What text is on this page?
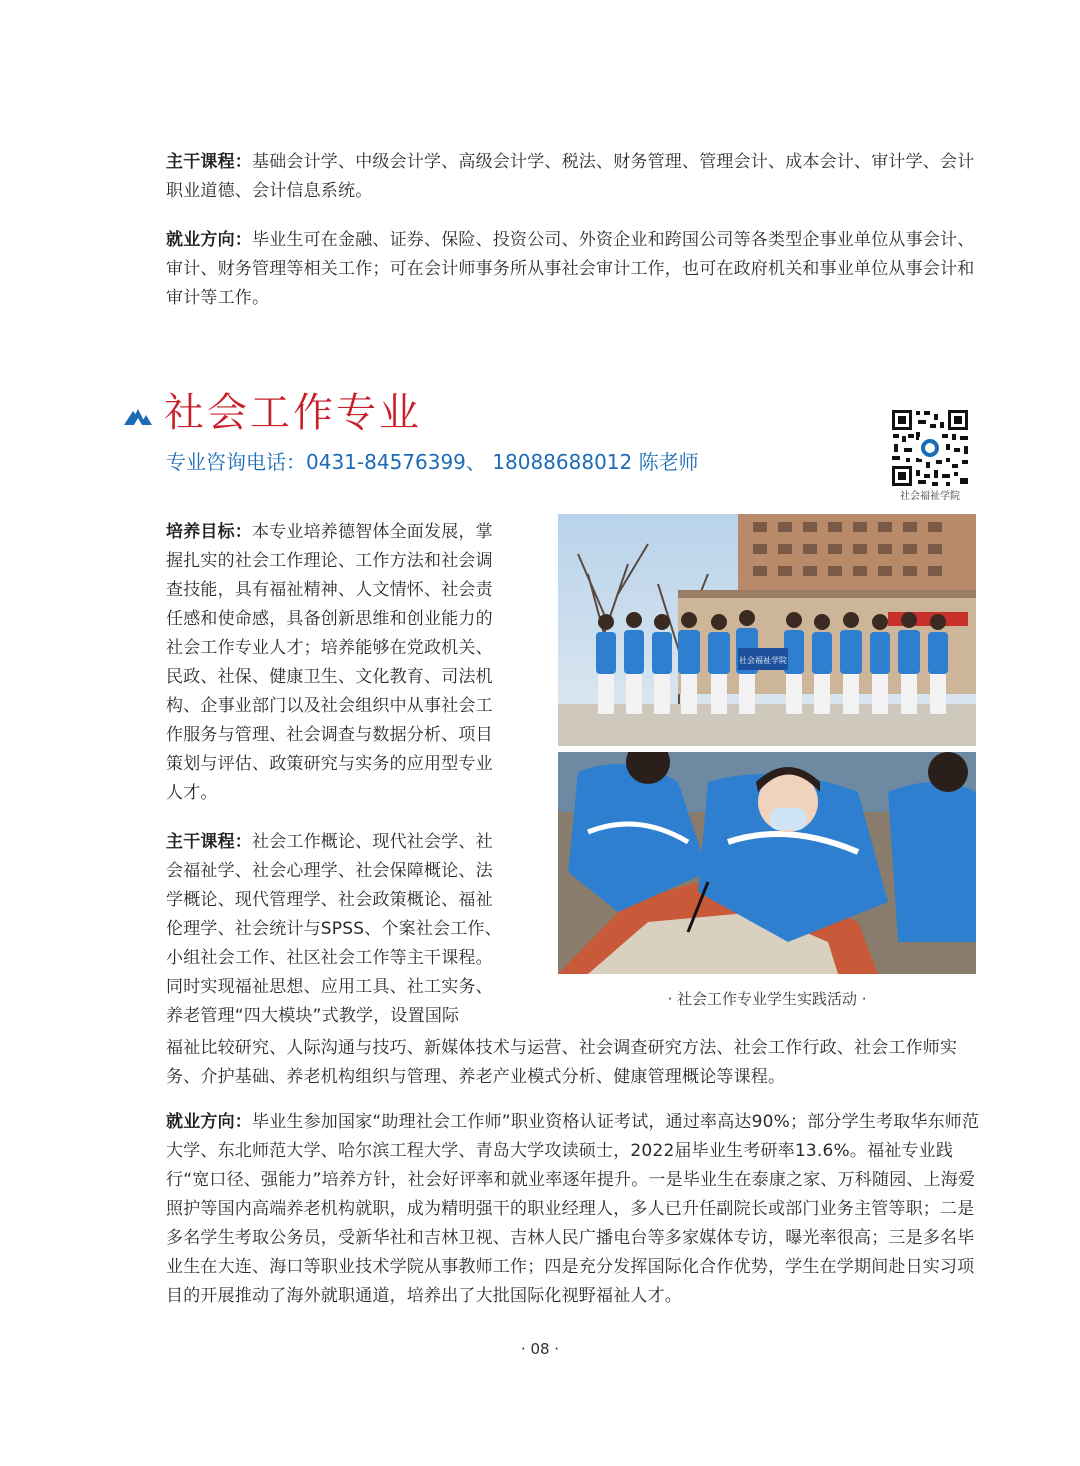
主干课程：基础会计学、中级会计学、高级会计学、税法、财务管理、管理会计、成本会计、审计学、会计职业道德、会计信息系统。
就业方向：毕业生可在金融、证券、保险、投资公司、外资企业和跨国公司等各类型企事业单位从事会计、审计、财务管理等相关工作；可在会计师事务所从事社会审计工作，也可在政府机关和事业单位从事会计和审计等工作。
社会工作专业
专业咨询电话：0431-84576399、 18088688012 陈老师
社会福祉学院
培养目标：本专业培养德智体全面发展，掌握扎实的社会工作理论、工作方法和社会调查技能，具有福祉精神、人文情怀、社会责任感和使命感，具备创新思维和创业能力的社会工作专业人才；培养能够在党政机关、民政、社保、健康卫生、文化教育、司法机构、企事业部门以及社会组织中从事社会工作服务与管理、社会调查与数据分析、项目策划与评估、政策研究与实务的应用型专业人才。
主干课程：社会工作概论、现代社会学、社会福祉学、社会心理学、社会保障概论、法学概论、现代管理学、社会政策概论、福祉伦理学、社会统计与SPSS、个案社会工作、小组社会工作、社区社会工作等主干课程。同时实现福祉思想、应用工具、社工实务、养老管理“四大模块”式教学，设置国际
福祉比较研究、人际沟通与技巧、新媒体技术与运营、社会调查研究方法、社会工作行政、社会工作师实务、介护基础、养老机构组织与管理、养老产业模式分析、健康管理概论等课程。
就业方向：毕业生参加国家“助理社会工作师”职业资格认证考试，通过率高达90%；部分学生考取华东师范大学、东北师范大学、哈尔滨工程大学、青岛大学攻读硕士，2022届毕业生考研率13.6%。福祉专业践行“宽口径、强能力”培养方针，社会好评率和就业率逐年提升。一是毕业生在泰康之家、万科随园、上海爱照护等国内高端养老机构就职，成为精明强干的职业经理人，多人已升任副院长或部门业务主管等职；二是多名学生考取公务员，受新华社和吉林卫视、吉林人民广播电台等多家媒体专访，曝光率很高；三是多名毕业生在大连、海口等职业技术学院从事教师工作；四是充分发挥国际化合作优势，学生在学期间赴日实习项目的开展推动了海外就职通道，培养出了大批国际化视野福祉人才。
社会福祉学院
· 社会工作专业学生实践活动 ·
· 08 ·
